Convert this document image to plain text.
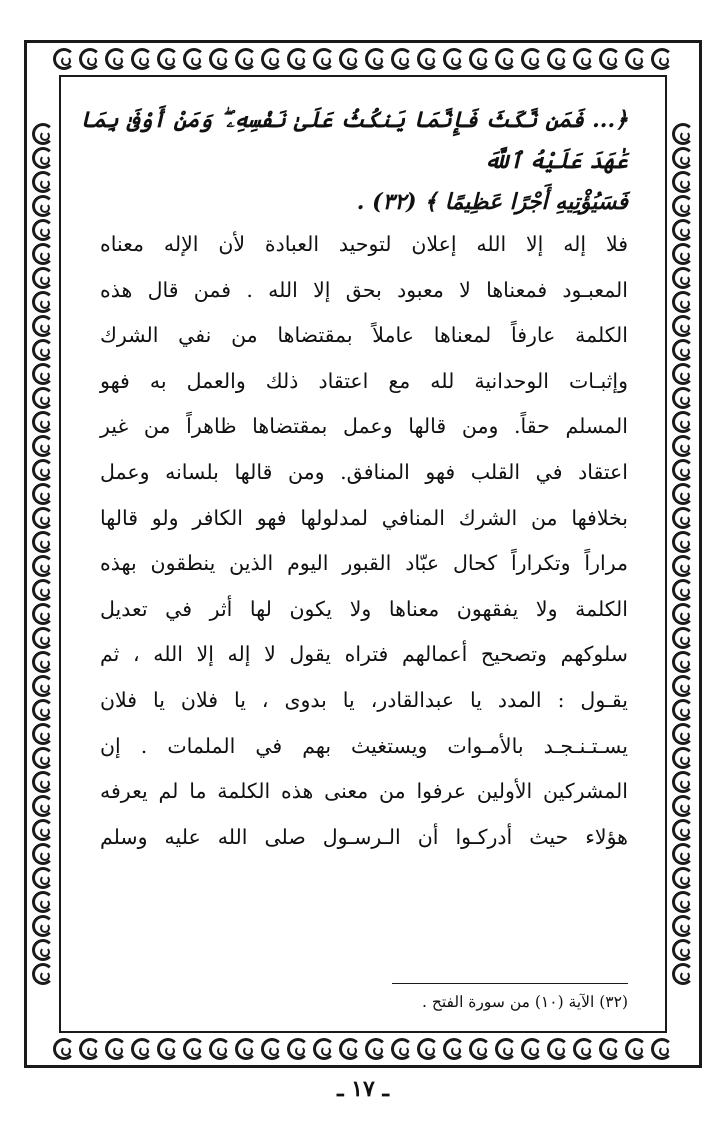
﴿... فَمَن نَّكَثَ فَإِنَّمَا يَنكُثُ عَلَىٰ نَفْسِهِۦ ۖ وَمَنْ أَوْفَىٰ بِمَا عَٰهَدَ عَلَيْهُ ٱللَّهَ
فَسَيُؤْتِيهِ أَجْرًا عَظِيمًا ﴾ (٣٢) .
فلا إله إلا الله إعلان لتوحيد العبادة لأن الإله معناه
المعبـود فمعناها لا معبود بحق إلا الله . فمن قال هذه
الكلمة عارفاً لمعناها عاملاً بمقتضاها من نفي الشرك
وإثبـات الوحدانية لله مع اعتقاد ذلك والعمل به فهو
المسلم حقاً. ومن قالها وعمل بمقتضاها ظاهراً من غير
اعتقاد في القلب فهو المنافق. ومن قالها بلسانه وعمل
بخلافها من الشرك المنافي لمدلولها فهو الكافر ولو قالها
مراراً وتكراراً كحال عبّاد القبور اليوم الذين ينطقون بهذه
الكلمة ولا يفقهون معناها ولا يكون لها أثر في تعديل
سلوكهم وتصحيح أعمالهم فتراه يقول لا إله إلا الله ، ثم
يقـول : المدد يا عبدالقادر، يا بدوى ، يا فلان يا فلان
يسـتـنـجـد بالأمـوات ويستغيث بهم في الملمات . إن
المشركين الأولين عرفوا من معنى هذه الكلمة ما لم يعرفه
هؤلاء حيث أدركـوا أن الـرسـول صلى الله عليه وسلم
(٣٢) الآية (١٠) من سورة الفتح .
ـ ١٧ ـ
